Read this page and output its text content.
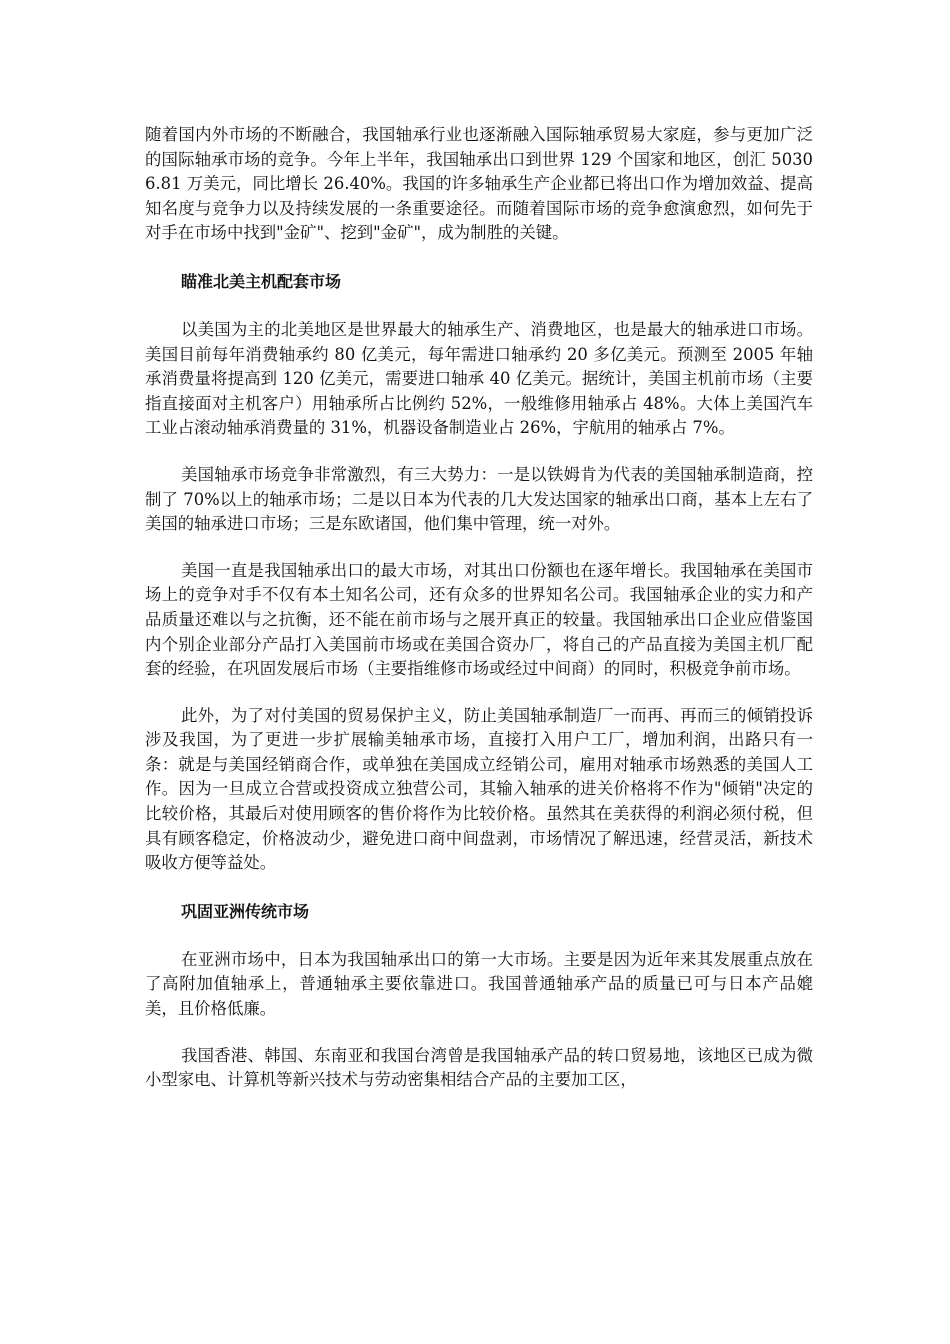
随着国内外市场的不断融合，我国轴承行业也逐渐融入国际轴承贸易大家庭，参与更加广泛的国际轴承市场的竞争。今年上半年，我国轴承出口到世界 129 个国家和地区，创汇 50306.81 万美元，同比增长 26.40%。我国的许多轴承生产企业都已将出口作为增加效益、提高知名度与竞争力以及持续发展的一条重要途径。而随着国际市场的竞争愈演愈烈，如何先于对手在市场中找到"金矿"、挖到"金矿"，成为制胜的关键。

瞄准北美主机配套市场

以美国为主的北美地区是世界最大的轴承生产、消费地区，也是最大的轴承进口市场。美国目前每年消费轴承约 80 亿美元，每年需进口轴承约 20 多亿美元。预测至 2005 年轴承消费量将提高到 120 亿美元，需要进口轴承 40 亿美元。据统计，美国主机前市场（主要指直接面对主机客户）用轴承所占比例约 52%，一般维修用轴承占 48%。大体上美国汽车工业占滚动轴承消费量的 31%，机器设备制造业占 26%，宇航用的轴承占 7%。

美国轴承市场竞争非常激烈，有三大势力：一是以铁姆肯为代表的美国轴承制造商，控制了 70%以上的轴承市场；二是以日本为代表的几大发达国家的轴承出口商，基本上左右了美国的轴承进口市场；三是东欧诸国，他们集中管理，统一对外。

美国一直是我国轴承出口的最大市场，对其出口份额也在逐年增长。我国轴承在美国市场上的竞争对手不仅有本土知名公司，还有众多的世界知名公司。我国轴承企业的实力和产品质量还难以与之抗衡，还不能在前市场与之展开真正的较量。我国轴承出口企业应借鉴国内个别企业部分产品打入美国前市场或在美国合资办厂，将自己的产品直接为美国主机厂配套的经验，在巩固发展后市场（主要指维修市场或经过中间商）的同时，积极竞争前市场。

此外，为了对付美国的贸易保护主义，防止美国轴承制造厂一而再、再而三的倾销投诉涉及我国，为了更进一步扩展输美轴承市场，直接打入用户工厂，增加利润，出路只有一条：就是与美国经销商合作，或单独在美国成立经销公司，雇用对轴承市场熟悉的美国人工作。因为一旦成立合营或投资成立独营公司，其输入轴承的进关价格将不作为"倾销"决定的比较价格，其最后对使用顾客的售价将作为比较价格。虽然其在美获得的利润必须付税，但具有顾客稳定，价格波动少，避免进口商中间盘剥，市场情况了解迅速，经营灵活，新技术吸收方便等益处。

巩固亚洲传统市场

在亚洲市场中，日本为我国轴承出口的第一大市场。主要是因为近年来其发展重点放在了高附加值轴承上，普通轴承主要依靠进口。我国普通轴承产品的质量已可与日本产品媲美，且价格低廉。

我国香港、韩国、东南亚和我国台湾曾是我国轴承产品的转口贸易地，该地区已成为微小型家电、计算机等新兴技术与劳动密集相结合产品的主要加工区，
